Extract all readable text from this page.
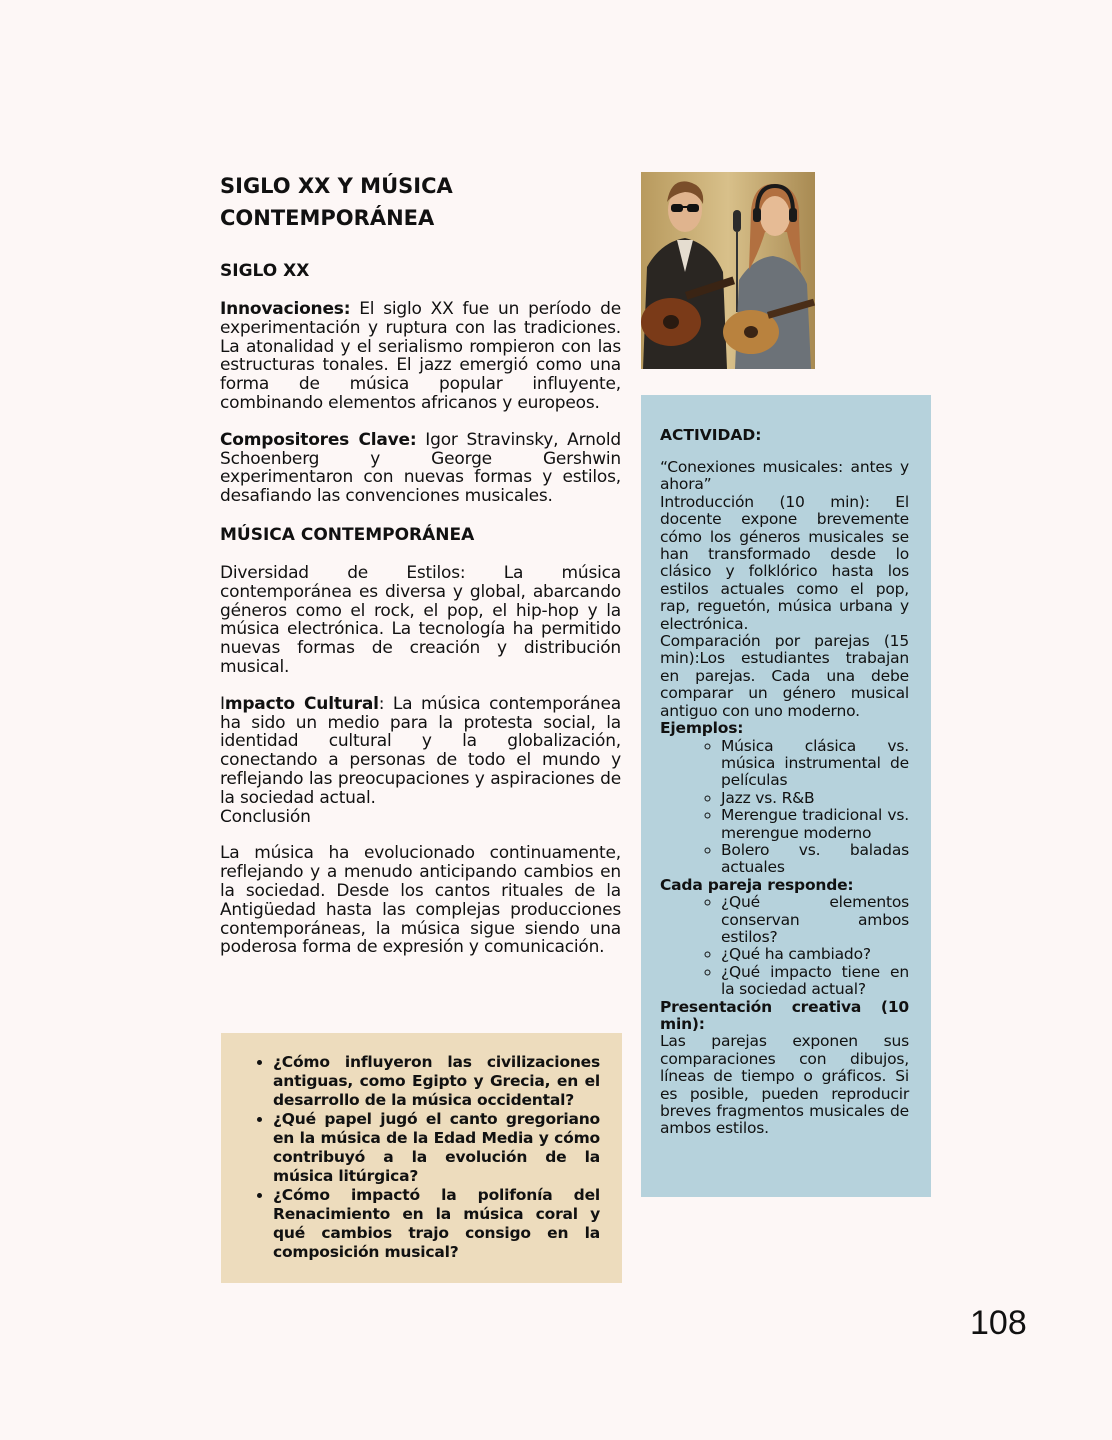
SIGLO XX Y MÚSICA CONTEMPORÁNEA
SIGLO XX

Innovaciones: El siglo XX fue un período de experimentación y ruptura con las tradiciones. La atonalidad y el serialismo rompieron con las estructuras tonales. El jazz emergió como una forma de música popular influyente, combinando elementos africanos y europeos.

Compositores Clave: Igor Stravinsky, Arnold Schoenberg y George Gershwin experimentaron con nuevas formas y estilos, desafiando las convenciones musicales.

MÚSICA CONTEMPORÁNEA

Diversidad de Estilos: La música contemporánea es diversa y global, abarcando géneros como el rock, el pop, el hip-hop y la música electrónica. La tecnología ha permitido nuevas formas de creación y distribución musical.

Impacto Cultural: La música contemporánea ha sido un medio para la protesta social, la identidad cultural y la globalización, conectando a personas de todo el mundo y reflejando las preocupaciones y aspiraciones de la sociedad actual.

Conclusión

La música ha evolucionado continuamente, reflejando y a menudo anticipando cambios en la sociedad. Desde los cantos rituales de la Antigüedad hasta las complejas producciones contemporáneas, la música sigue siendo una poderosa forma de expresión y comunicación.

• ¿Cómo influyeron las civilizaciones antiguas, como Egipto y Grecia, en el desarrollo de la música occidental?
• ¿Qué papel jugó el canto gregoriano en la música de la Edad Media y cómo contribuyó a la evolución de la música litúrgica?
• ¿Cómo impactó la polifonía del Renacimiento en la música coral y qué cambios trajo consigo en la composición musical?
ACTIVIDAD:

“Conexiones musicales: antes y ahora”

Introducción (10 min): El docente expone brevemente cómo los géneros musicales se han transformado desde lo clásico y folklórico hasta los estilos actuales como el pop, rap, reguetón, música urbana y electrónica.

Comparación por parejas (15 min):Los estudiantes trabajan en parejas. Cada una debe comparar un género musical antiguo con uno moderno.

Ejemplos:

◦ Música clásica vs. música instrumental de películas
◦ Jazz vs. R&B
◦ Merengue tradicional vs. merengue moderno
◦ Bolero vs. baladas actuales

Cada pareja responde:

◦ ¿Qué elementos conservan ambos estilos?
◦ ¿Qué ha cambiado?
◦ ¿Qué impacto tiene en la sociedad actual?

Presentación creativa (10 min):

Las parejas exponen sus comparaciones con dibujos, líneas de tiempo o gráficos. Si es posible, pueden reproducir breves fragmentos musicales de ambos estilos.

108
